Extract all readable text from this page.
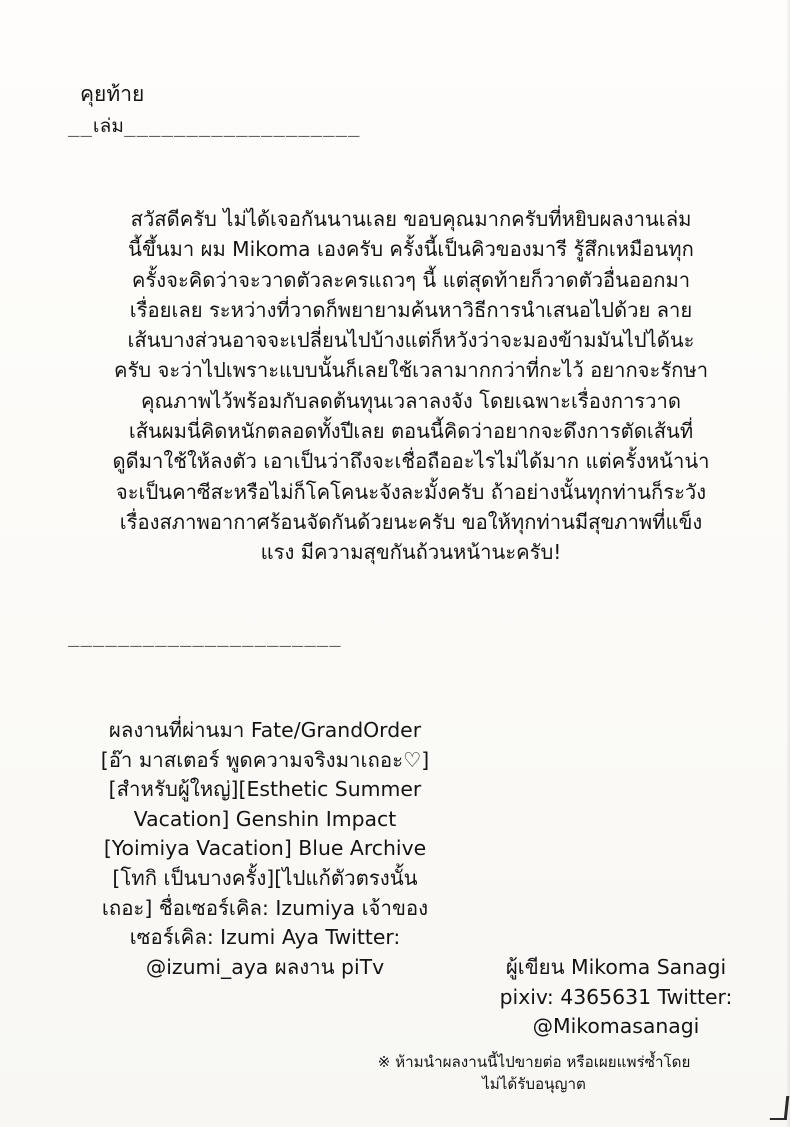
คุยท้าย
__เล่ม___________________
สวัสดีครับ ไม่ได้เจอกันนานเลย ขอบคุณมากครับที่หยิบผลงานเล่ม
นี้ขึ้นมา ผม Mikoma เองครับ ครั้งนี้เป็นคิวของมารี รู้สึกเหมือนทุก
ครั้งจะคิดว่าจะวาดตัวละครแถวๆ นี้ แต่สุดท้ายก็วาดตัวอื่นออกมา
เรื่อยเลย ระหว่างที่วาดก็พยายามค้นหาวิธีการนำเสนอไปด้วย ลาย
เส้นบางส่วนอาจจะเปลี่ยนไปบ้างแต่ก็หวังว่าจะมองข้ามมันไปได้นะ
ครับ จะว่าไปเพราะแบบนั้นก็เลยใช้เวลามากกว่าที่กะไว้ อยากจะรักษา
คุณภาพไว้พร้อมกับลดต้นทุนเวลาลงจัง โดยเฉพาะเรื่องการวาด
เส้นผมนี่คิดหนักตลอดทั้งปีเลย ตอนนี้คิดว่าอยากจะดึงการตัดเส้นที่
ดูดีมาใช้ให้ลงตัว เอาเป็นว่าถึงจะเชื่อถืออะไรไม่ได้มาก แต่ครั้งหน้าน่า
จะเป็นคาซีสะหรือไม่ก็โคโคนะจังละมั้งครับ ถ้าอย่างนั้นทุกท่านก็ระวัง
เรื่องสภาพอากาศร้อนจัดกันด้วยนะครับ ขอให้ทุกท่านมีสุขภาพที่แข็ง
แรง มีความสุขกันถ้วนหน้านะครับ!
______________________
ผลงานที่ผ่านมา Fate/GrandOrder
[อ๊า มาสเตอร์ พูดความจริงมาเถอะ♡]
[สำหรับผู้ใหญ่][Esthetic Summer
Vacation] Genshin Impact
[Yoimiya Vacation] Blue Archive
[โทกิ เป็นบางครั้ง][ไปแก้ตัวตรงนั้น
เถอะ] ชื่อเซอร์เคิล: Izumiya เจ้าของ
เซอร์เคิล: Izumi Aya Twitter:
@izumi_aya ผลงาน piTv	ผู้เขียน Mikoma Sanagi
pixiv: 4365631 Twitter:
@Mikomasanagi
※ ห้ามนำผลงานนี้ไปขายต่อ หรือเผยแพร่ซ้ำโดย
ไม่ได้รับอนุญาต
